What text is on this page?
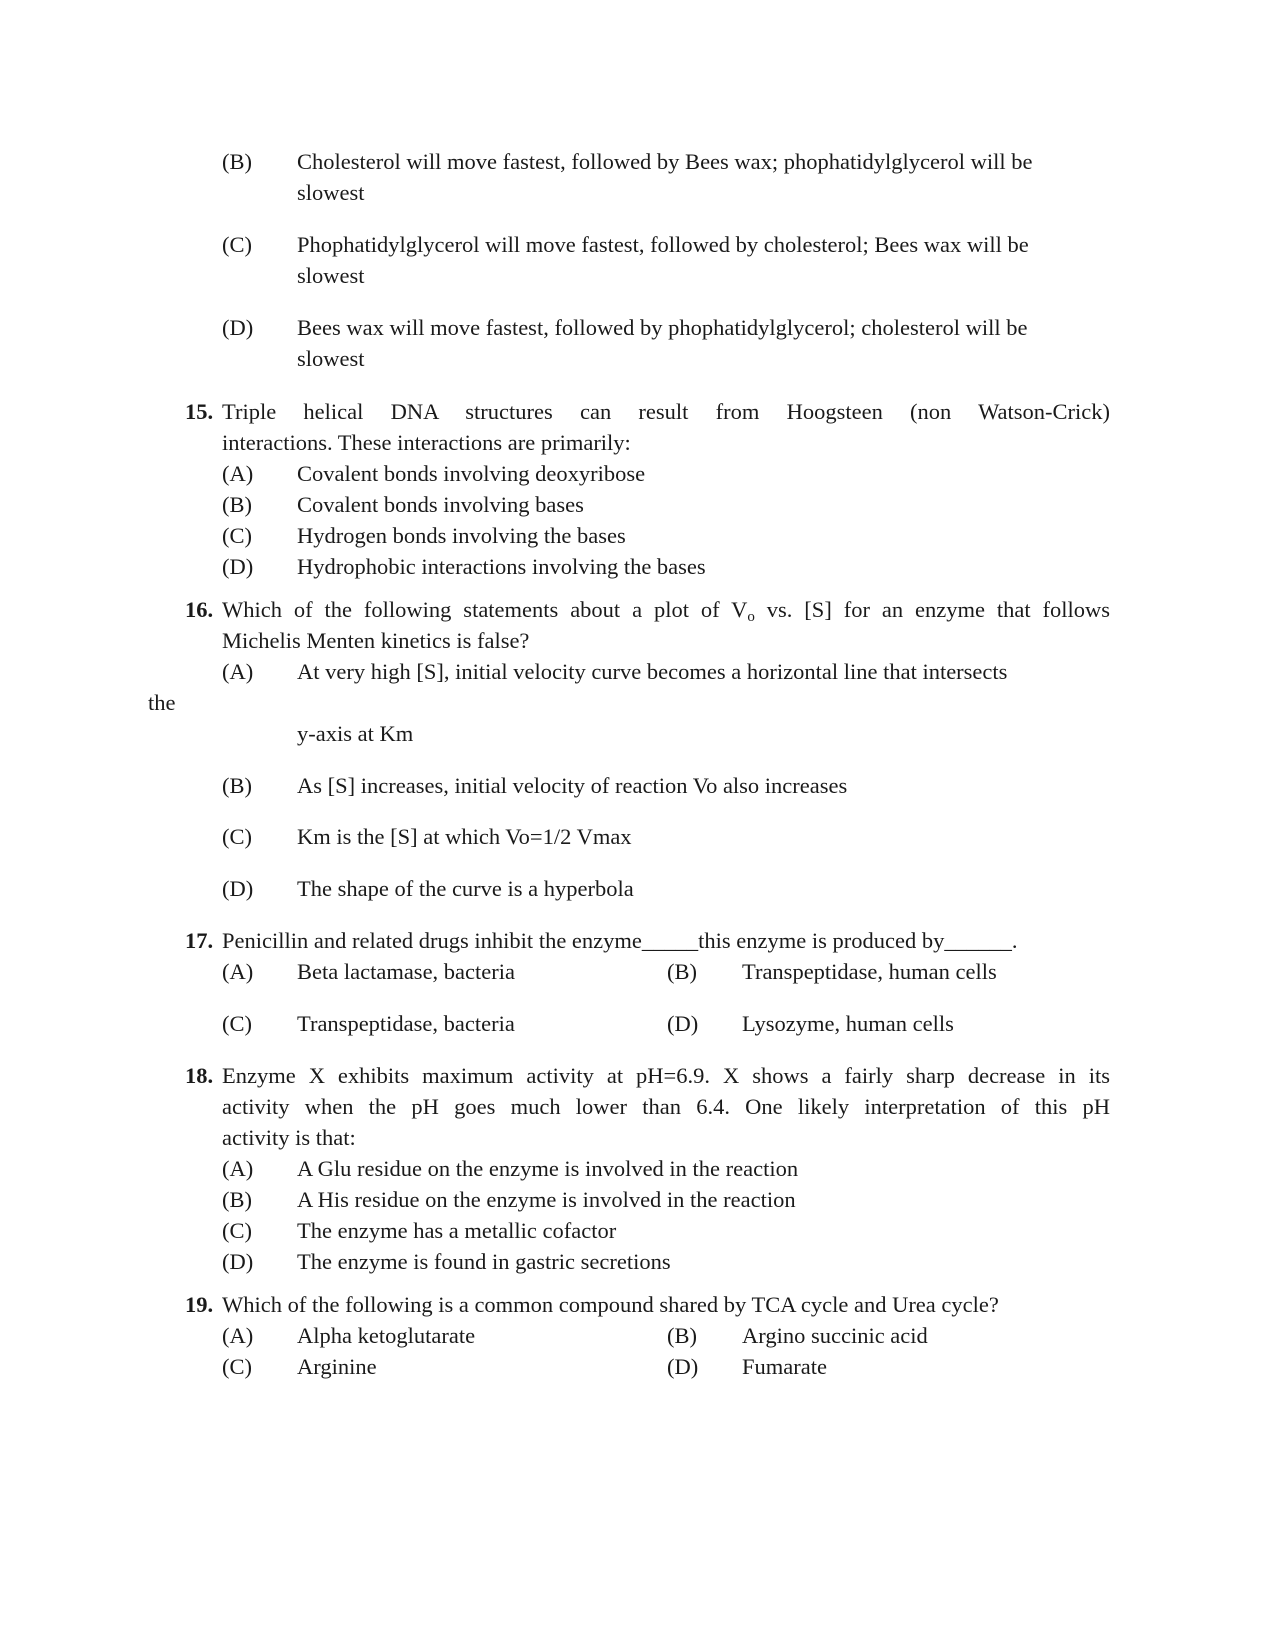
(B) Cholesterol will move fastest, followed by Bees wax; phophatidylglycerol will be
slowest
(C) Phophatidylglycerol will move fastest, followed by cholesterol; Bees wax will be
slowest
(D) Bees wax will move fastest, followed by phophatidylglycerol; cholesterol will be
slowest
15. Triple helical DNA structures can result from Hoogsteen (non Watson-Crick)
interactions. These interactions are primarily:
(A) Covalent bonds involving deoxyribose
(B) Covalent bonds involving bases
(C) Hydrogen bonds involving the bases
(D) Hydrophobic interactions involving the bases
16. Which of the following statements about a plot of $V_o$ vs. [S] for an enzyme that follows
Michelis Menten kinetics is false?
(A) At very high [S], initial velocity curve becomes a horizontal line that intersects
the
y-axis at Km
(B) As [S] increases, initial velocity of reaction Vo also increases
(C) Km is the [S] at which Vo=1/2 Vmax
(D) The shape of the curve is a hyperbola
17. Penicillin and related drugs inhibit the enzyme_____this enzyme is produced by______.
(A) Beta lactamase, bacteria	(B) Transpeptidase, human cells
(C) Transpeptidase, bacteria	(D) Lysozyme, human cells
18. Enzyme X exhibits maximum activity at pH=6.9. X shows a fairly sharp decrease in its
activity when the pH goes much lower than 6.4. One likely interpretation of this pH
activity is that:
(A) A Glu residue on the enzyme is involved in the reaction
(B) A His residue on the enzyme is involved in the reaction
(C) The enzyme has a metallic cofactor
(D) The enzyme is found in gastric secretions
19. Which of the following is a common compound shared by TCA cycle and Urea cycle?
(A) Alpha ketoglutarate	(B) Argino succinic acid
(C) Arginine	(D) Fumarate
